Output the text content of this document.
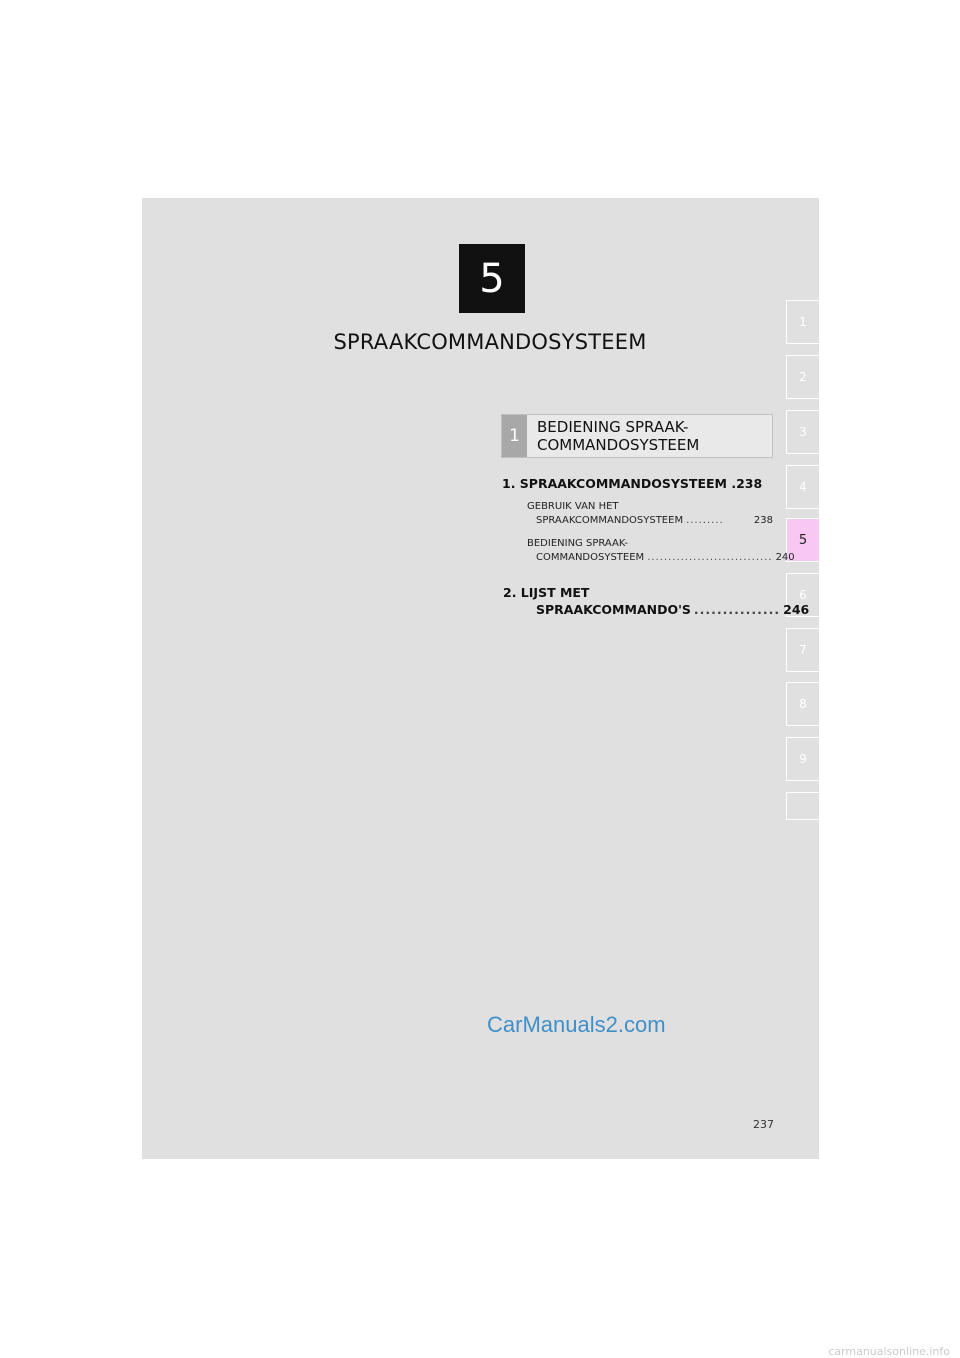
5
SPRAAKCOMMANDOSYSTEEM
1
2
3
4
5
6
7
8
9
1	BEDIENING SPRAAK-
COMMANDOSYSTEEM
1. SPRAAKCOMMANDOSYSTEEM .238
GEBRUIK VAN HET
SPRAAKCOMMANDOSYSTEEM .........	238
BEDIENING SPRAAK-
COMMANDOSYSTEEM .............................. 240
2. LIJST MET
SPRAAKCOMMANDO'S ............... 246
CarManuals2.com
237
carmanualsonline.info
